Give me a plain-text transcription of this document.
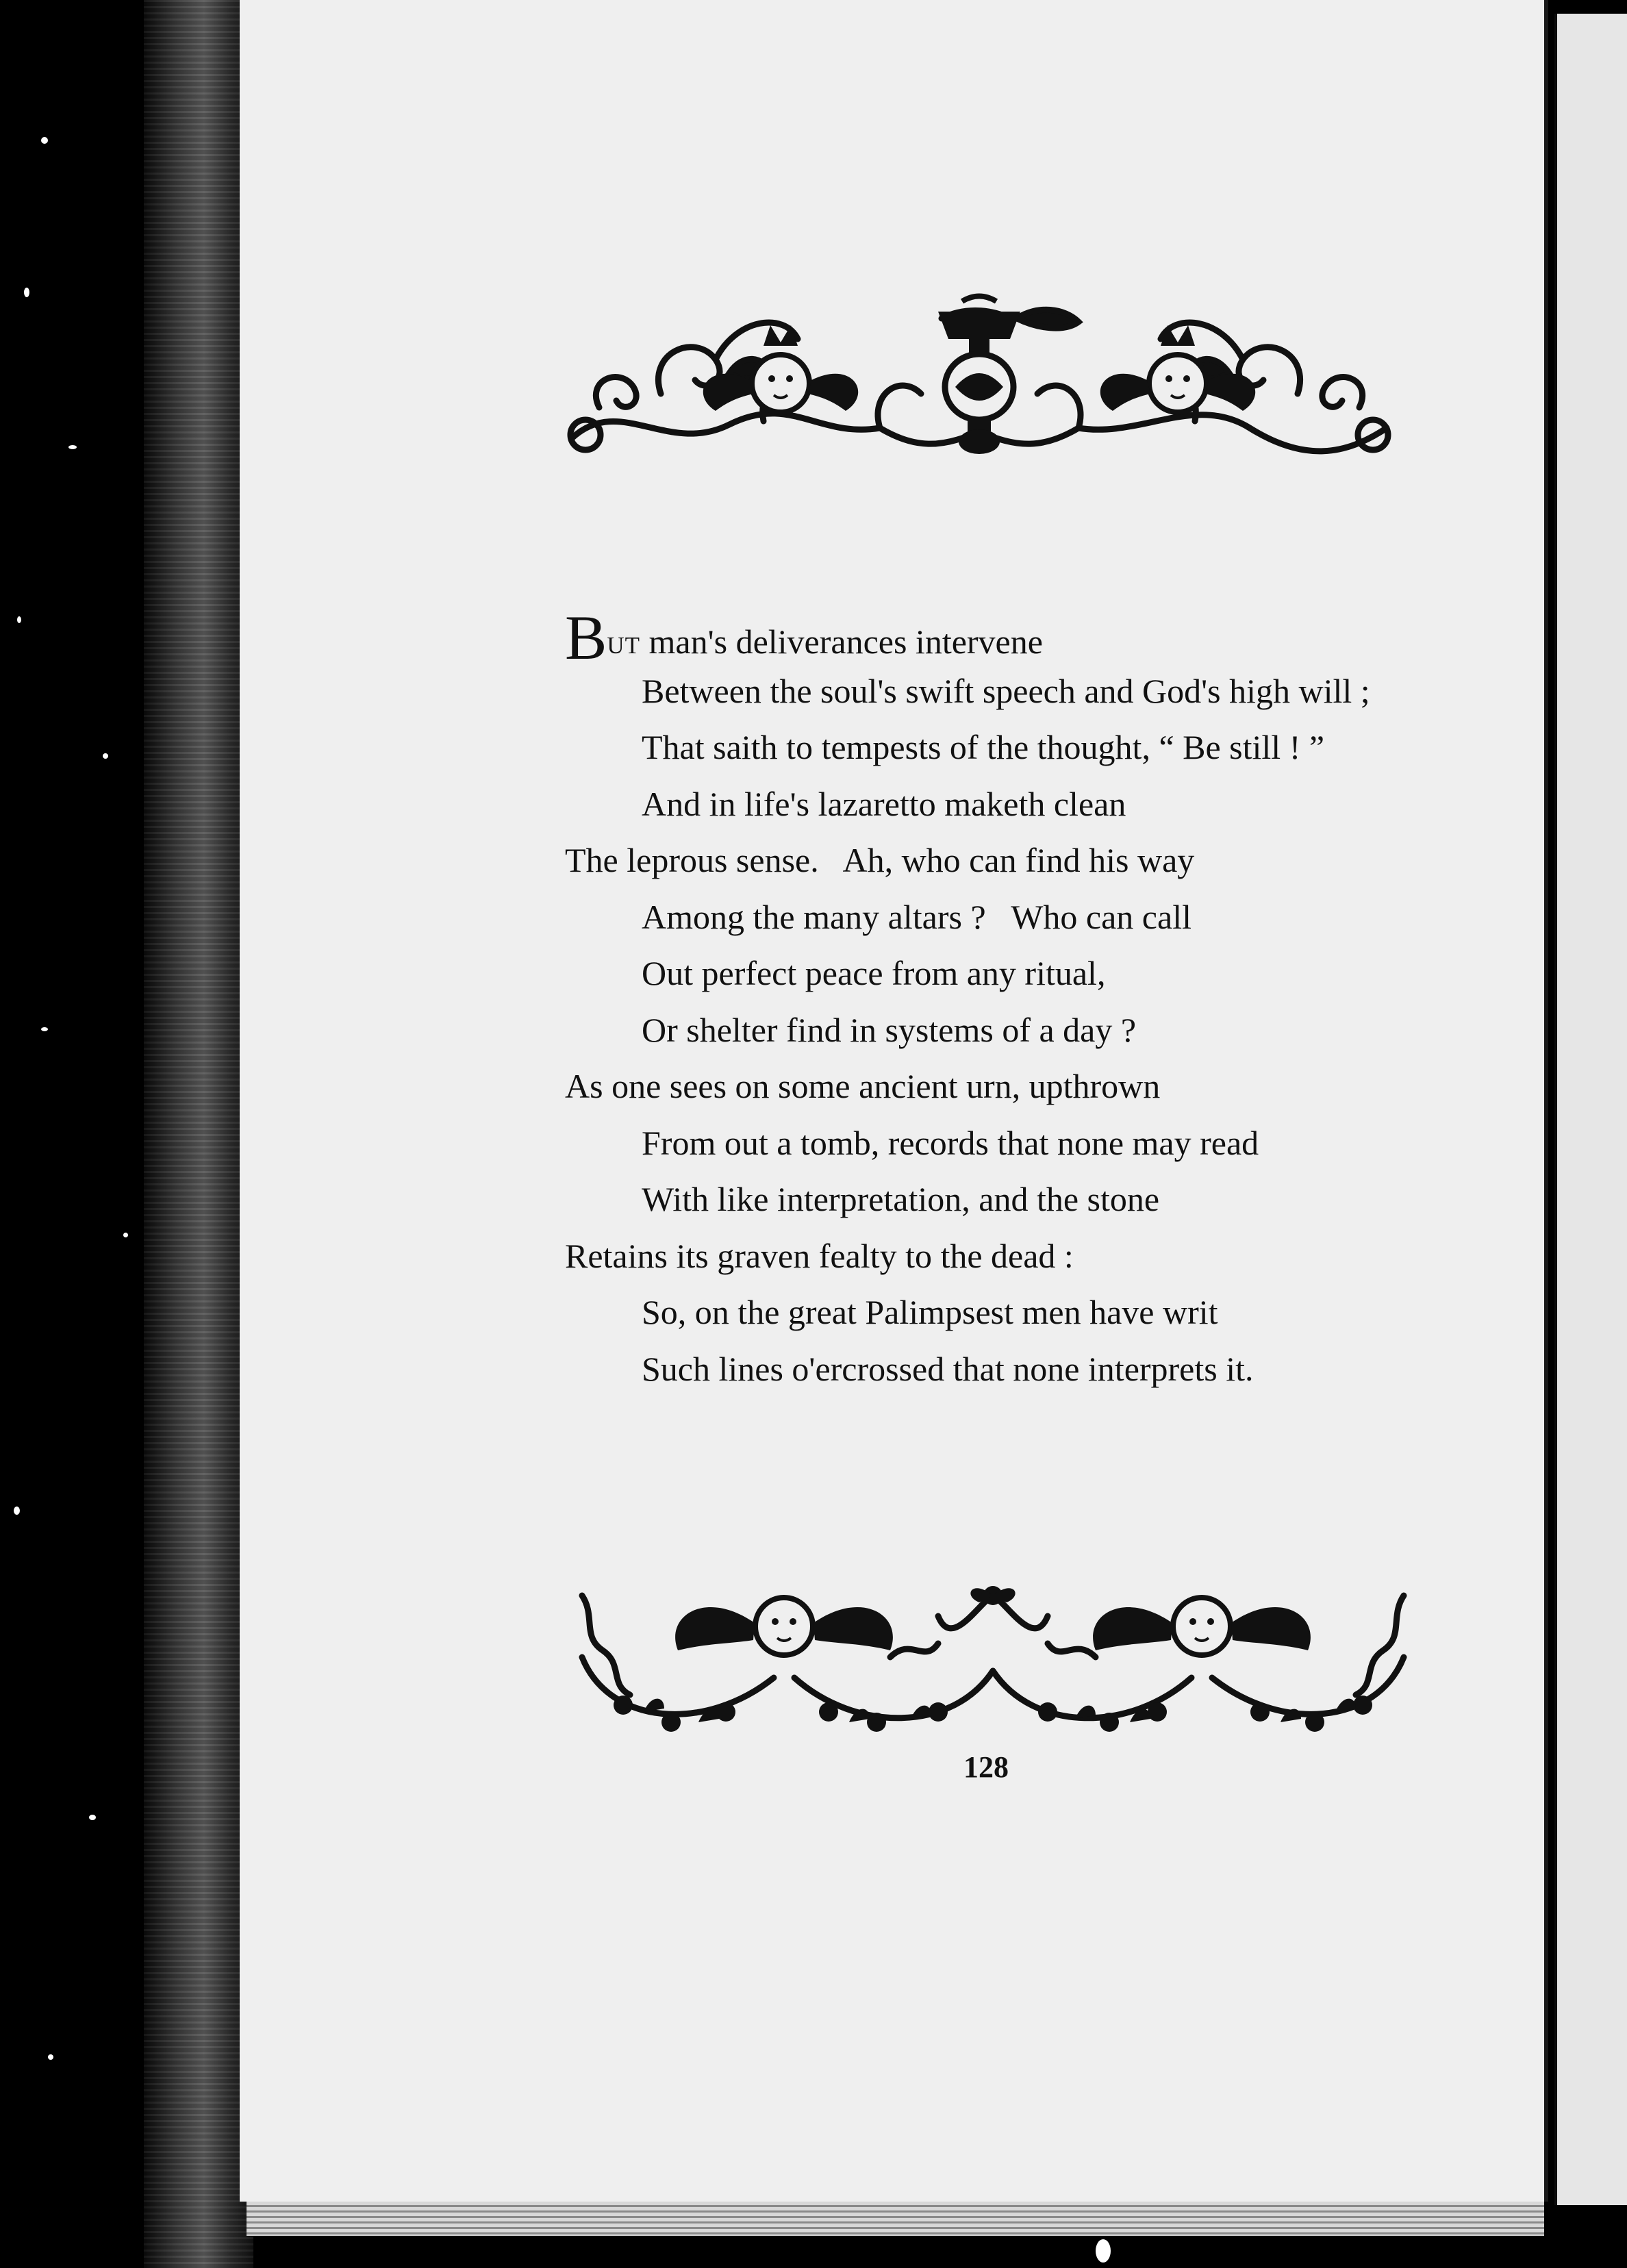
But man's deliverances intervene
Between the soul's swift speech and God's high will ;
That saith to tempests of the thought, “ Be still ! ”
And in life's lazaretto maketh clean
The leprous sense.   Ah, who can find his way
Among the many altars ?   Who can call
Out perfect peace from any ritual,
Or shelter find in systems of a day ?
As one sees on some ancient urn, upthrown
From out a tomb, records that none may read
With like interpretation, and the stone
Retains its graven fealty to the dead :
So, on the great Palimpsest men have writ
Such lines o'ercrossed that none interprets it.
128
